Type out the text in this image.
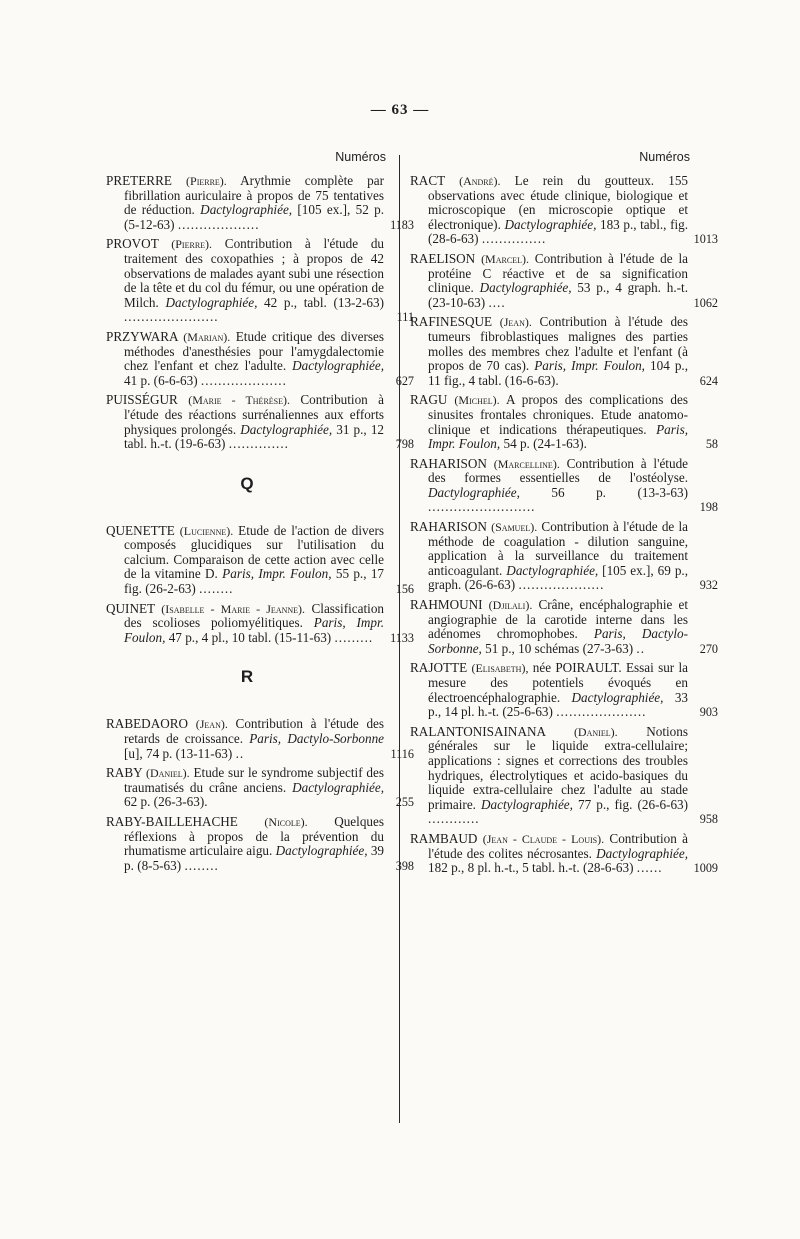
— 63 —
Numéros
PRETERRE (Pierre). Arythmie complète par fibrillation auriculaire à propos de 75 tentatives de réduction. Dactylographiée, [105 ex.], 52 p. (5-12-63) ...................	1183
PROVOT (Pierre). Contribution à l'étude du traitement des coxopathies ; à propos de 42 observations de malades ayant subi une résection de la tête et du col du fémur, ou une opération de Milch. Dactylographiée, 42 p., tabl. (13-2-63) ......................	111
PRZYWARA (Marian). Etude critique des diverses méthodes d'anesthésies pour l'amygdalectomie chez l'enfant et chez l'adulte. Dactylographiée, 41 p. (6-6-63) ....................	627
PUISSÉGUR (Marie - Thérèse). Contribution à l'étude des réactions surrénaliennes aux efforts physiques prolongés. Dactylographiée, 31 p., 12 tabl. h.-t. (19-6-63) ..............	798
Q
QUENETTE (Lucienne). Etude de l'action de divers composés glucidiques sur l'utilisation du calcium. Comparaison de cette action avec celle de la vitamine D. Paris, Impr. Foulon, 55 p., 17 fig. (26-2-63) ........	156
QUINET (Isabelle - Marie - Jeanne). Classification des scolioses poliomyélitiques. Paris, Impr. Foulon, 47 p., 4 pl., 10 tabl. (15-11-63) ......... 1133
R
RABEDAORO (Jean). Contribution à l'étude des retards de croissance. Paris, Dactylo-Sorbonne [u], 74 p. (13-11-63) ..	1116
RABY (Daniel). Etude sur le syndrome subjectif des traumatisés du crâne anciens. Dactylographiée, 62 p. (26-3-63).	255
RABY-BAILLEHACHE (Nicole). Quelques réflexions à propos de la prévention du rhumatisme articulaire aigu. Dactylographiée, 39 p. (8-5-63) ........	398
Numéros
RACT (André). Le rein du goutteux. 155 observations avec étude clinique, biologique et microscopique (en microscopie optique et électronique). Dactylographiée, 183 p., tabl., fig. (28-6-63) ...............	1013
RAELISON (Marcel). Contribution à l'étude de la protéine C réactive et de sa signification clinique. Dactylographiée, 53 p., 4 graph. h.-t. (23-10-63) ....	1062
RAFINESQUE (Jean). Contribution à l'étude des tumeurs fibroblastiques malignes des parties molles des membres chez l'adulte et l'enfant (à propos de 70 cas). Paris, Impr. Foulon, 104 p., 11 fig., 4 tabl. (16-6-63).	624
RAGU (Michel). A propos des complications des sinusites frontales chroniques. Etude anatomo-clinique et indications thérapeutiques. Paris, Impr. Foulon, 54 p. (24-1-63).	58
RAHARISON (Marcelline). Contribution à l'étude des formes essentielles de l'ostéolyse. Dactylographiée, 56 p. (13-3-63) .........................	198
RAHARISON (Samuel). Contribution à l'étude de la méthode de coagulation - dilution sanguine, application à la surveillance du traitement anticoagulant. Dactylographiée, [105 ex.], 69 p., graph. (26-6-63) ....................	932
RAHMOUNI (Djilali). Crâne, encéphalographie et angiographie de la carotide interne dans les adénomes chromophobes. Paris, Dactylo-Sorbonne, 51 p., 10 schémas (27-3-63) ..	270
RAJOTTE (Elisabeth), née POIRAULT. Essai sur la mesure des potentiels évoqués en électroencéphalographie. Dactylographiée, 33 p., 14 pl. h.-t. (25-6-63) .....................	903
RALANTONISAINANA (Daniel). Notions générales sur le liquide extra-cellulaire; applications : signes et corrections des troubles hydriques, électrolytiques et acido-basiques du liquide extra-cellulaire chez l'adulte au stade primaire. Dactylographiée, 77 p., fig. (26-6-63) ............	958
RAMBAUD (Jean - Claude - Louis). Contribution à l'étude des colites nécrosantes. Dactylographiée, 182 p., 8 pl. h.-t., 5 tabl. h.-t. (28-6-63) ......	1009
